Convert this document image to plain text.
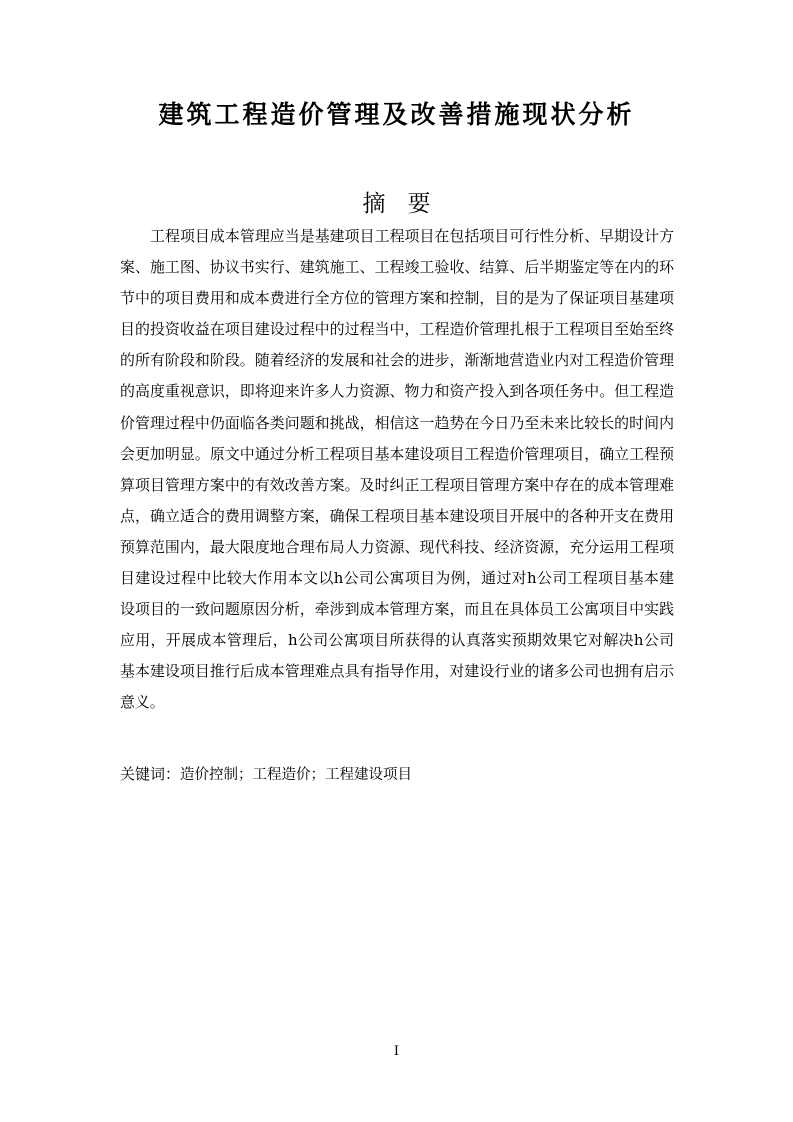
建筑工程造价管理及改善措施现状分析
摘要

工程项目成本管理应当是基建项目工程项目在包括项目可行性分析、早期设计方案、施工图、协议书实行、建筑施工、工程竣工验收、结算、后半期鉴定等在内的环节中的项目费用和成本费进行全方位的管理方案和控制，目的是为了保证项目基建项目的投资收益在项目建设过程中的过程当中，工程造价管理扎根于工程项目至始至终的所有阶段和阶段。随着经济的发展和社会的进步，渐渐地营造业内对工程造价管理的高度重视意识，即将迎来许多人力资源、物力和资产投入到各项任务中。但工程造价管理过程中仍面临各类问题和挑战，相信这一趋势在今日乃至未来比较长的时间内会更加明显。原文中通过分析工程项目基本建设项目工程造价管理项目，确立工程预算项目管理方案中的有效改善方案。及时纠正工程项目管理方案中存在的成本管理难点，确立适合的费用调整方案，确保工程项目基本建设项目开展中的各种开支在费用预算范围内，最大限度地合理布局人力资源、现代科技、经济资源，充分运用工程项目建设过程中比较大作用本文以h公司公寓项目为例，通过对h公司工程项目基本建设项目的一致问题原因分析，牵涉到成本管理方案，而且在具体员工公寓项目中实践应用，开展成本管理后，h公司公寓项目所获得的认真落实预期效果它对解决h公司基本建设项目推行后成本管理难点具有指导作用，对建设行业的诸多公司也拥有启示意义。

关键词：造价控制；工程造价；工程建设项目

I
